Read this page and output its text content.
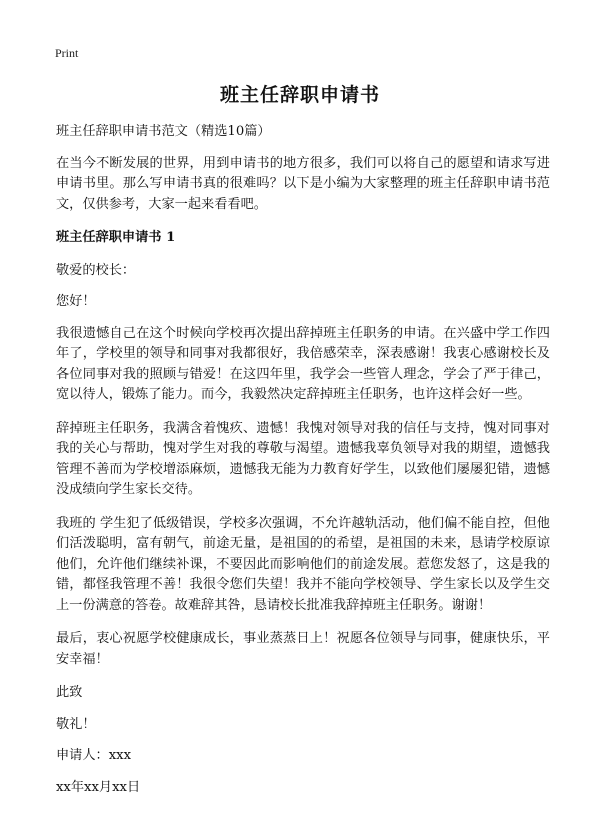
Print
班主任辞职申请书

班主任辞职申请书范文（精选10篇）

在当今不断发展的世界，用到申请书的地方很多，我们可以将自己的愿望和请求写进申请书里。那么写申请书真的很难吗？以下是小编为大家整理的班主任辞职申请书范文，仅供参考，大家一起来看看吧。

班主任辞职申请书 1

敬爱的校长：

您好！

我很遗憾自己在这个时候向学校再次提出辞掉班主任职务的申请。在兴盛中学工作四年了，学校里的领导和同事对我都很好，我倍感荣幸，深表感谢！我衷心感谢校长及各位同事对我的照顾与错爱！在这四年里，我学会一些管人理念，学会了严于律己，宽以待人，锻炼了能力。而今，我毅然决定辞掉班主任职务，也许这样会好一些。

辞掉班主任职务，我满含着愧疚、遗憾！我愧对领导对我的信任与支持，愧对同事对我的关心与帮助，愧对学生对我的尊敬与渴望。遗憾我辜负领导对我的期望，遗憾我管理不善而为学校增添麻烦，遗憾我无能为力教育好学生，以致他们屡屡犯错，遗憾没成绩向学生家长交待。

我班的 学生犯了低级错误，学校多次强调，不允许越轨活动，他们偏不能自控，但他们活泼聪明，富有朝气，前途无量，是祖国的的希望，是祖国的未来，恳请学校原谅他们，允许他们继续补课，不要因此而影响他们的前途发展。惹您发怒了，这是我的错，都怪我管理不善！我很令您们失望！我并不能向学校领导、学生家长以及学生交上一份满意的答卷。故难辞其咎，恳请校长批准我辞掉班主任职务。谢谢！

最后，衷心祝愿学校健康成长，事业蒸蒸日上！祝愿各位领导与同事，健康快乐，平安幸福！

此致

敬礼！

申请人：xxx

xx年xx月xx日
